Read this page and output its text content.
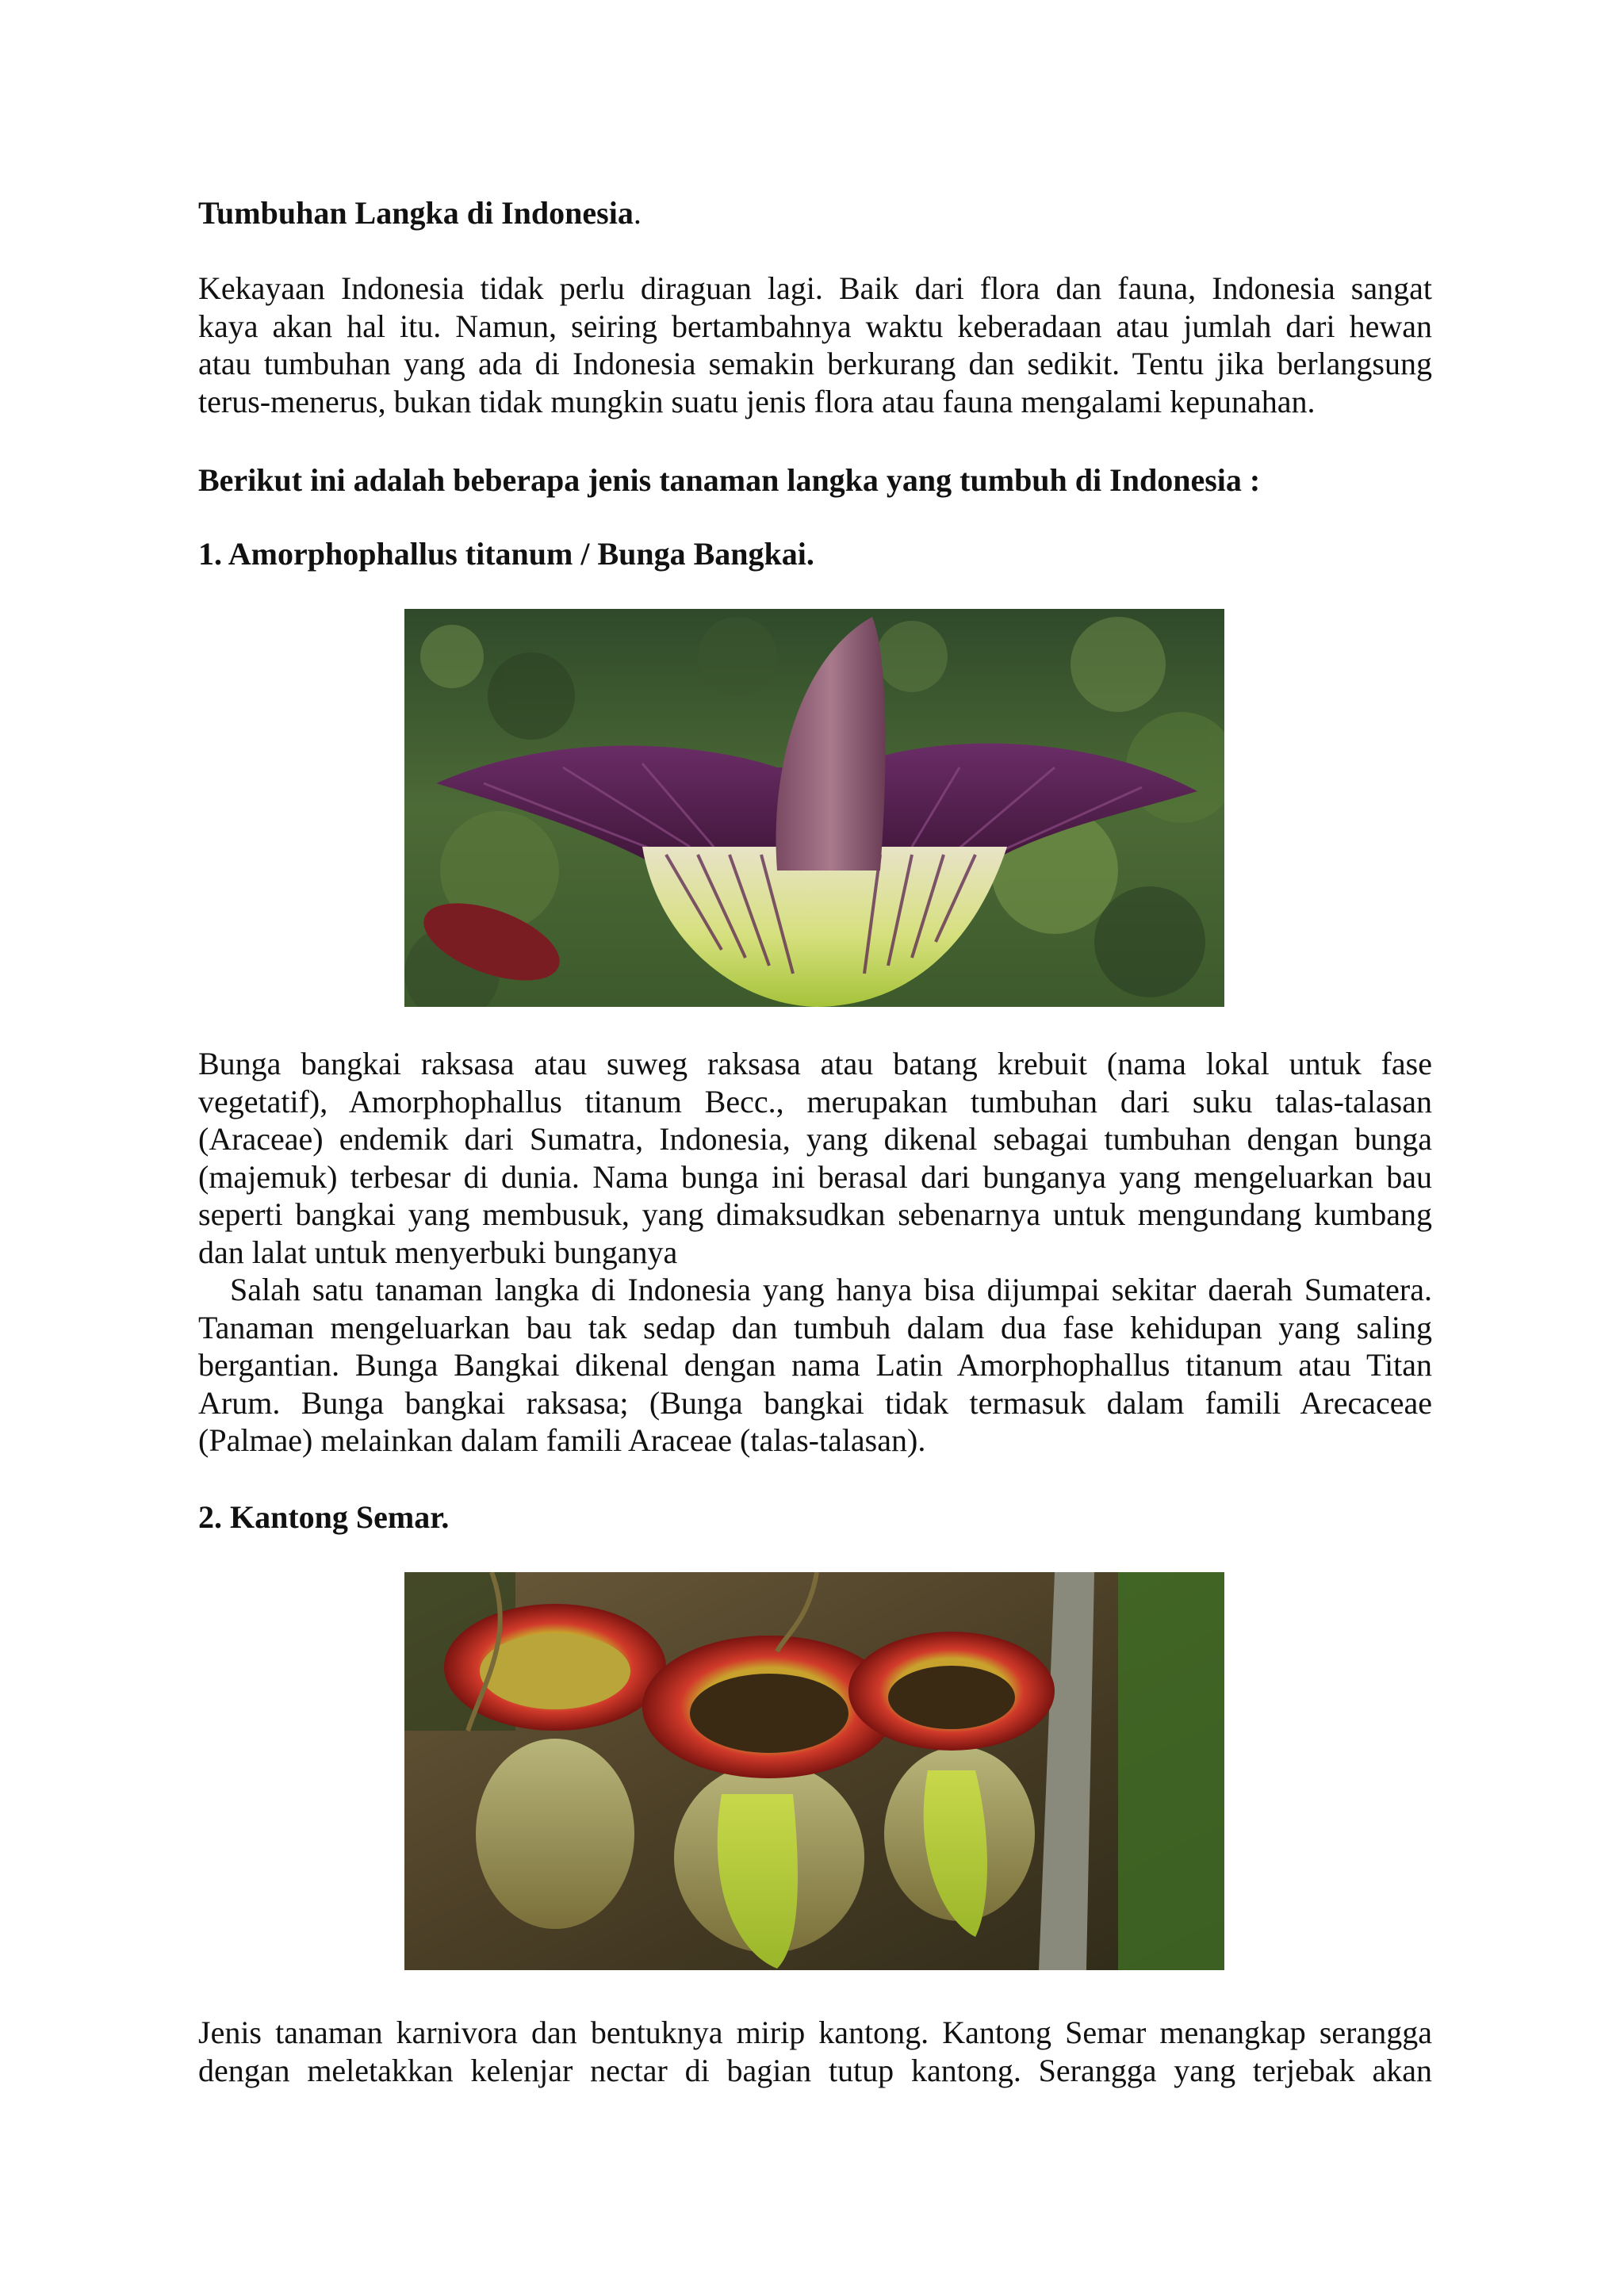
Tumbuhan Langka di Indonesia.
Kekayaan Indonesia tidak perlu diraguan lagi. Baik dari flora dan fauna, Indonesia sangat
kaya akan hal itu. Namun, seiring bertambahnya waktu keberadaan atau jumlah dari hewan
atau tumbuhan yang ada di Indonesia semakin berkurang dan sedikit. Tentu jika berlangsung
terus-menerus, bukan tidak mungkin suatu jenis flora atau fauna mengalami kepunahan.
Berikut ini adalah beberapa jenis tanaman langka yang tumbuh di Indonesia :
1. Amorphophallus titanum / Bunga Bangkai.
Bunga bangkai raksasa atau suweg raksasa atau batang krebuit (nama lokal untuk fase
vegetatif), Amorphophallus titanum Becc., merupakan tumbuhan dari suku talas-talasan
(Araceae) endemik dari Sumatra, Indonesia, yang dikenal sebagai tumbuhan dengan bunga
(majemuk) terbesar di dunia. Nama bunga ini berasal dari bunganya yang mengeluarkan bau
seperti bangkai yang membusuk, yang dimaksudkan sebenarnya untuk mengundang kumbang
dan lalat untuk menyerbuki bunganya
Salah satu tanaman langka di Indonesia yang hanya bisa dijumpai sekitar daerah Sumatera.
Tanaman mengeluarkan bau tak sedap dan tumbuh dalam dua fase kehidupan yang saling
bergantian. Bunga Bangkai dikenal dengan nama Latin Amorphophallus titanum atau Titan
Arum. Bunga bangkai raksasa; (Bunga bangkai tidak termasuk dalam famili Arecaceae
(Palmae) melainkan dalam famili Araceae (talas-talasan).
2. Kantong Semar.
Jenis tanaman karnivora dan bentuknya mirip kantong. Kantong Semar menangkap serangga
dengan meletakkan kelenjar nectar di bagian tutup kantong. Serangga yang terjebak akan
